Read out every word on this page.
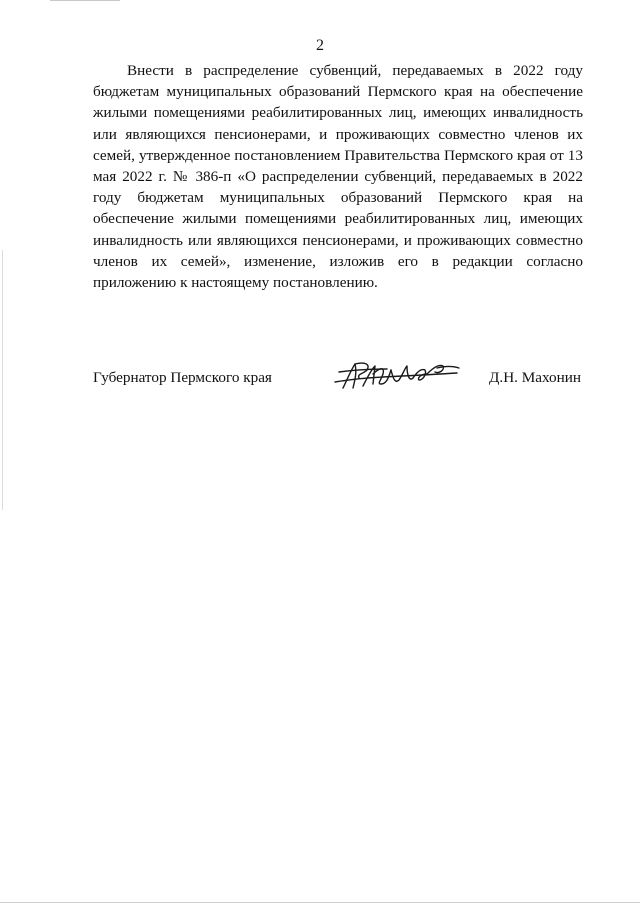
2

Внести в распределение субвенций, передаваемых в 2022 году бюджетам муниципальных образований Пермского края на обеспечение жилыми помещениями реабилитированных лиц, имеющих инвалидность или являющихся пенсионерами, и проживающих совместно членов их семей, утвержденное постановлением Правительства Пермского края от 13 мая 2022 г. № 386-п «О распределении субвенций, передаваемых в 2022 году бюджетам муниципальных образований Пермского края на обеспечение жилыми помещениями реабилитированных лиц, имеющих инвалидность или являющихся пенсионерами, и проживающих совместно членов их семей», изменение, изложив его в редакции согласно приложению к настоящему постановлению.

Губернатор Пермского края	Д.Н. Махонин
